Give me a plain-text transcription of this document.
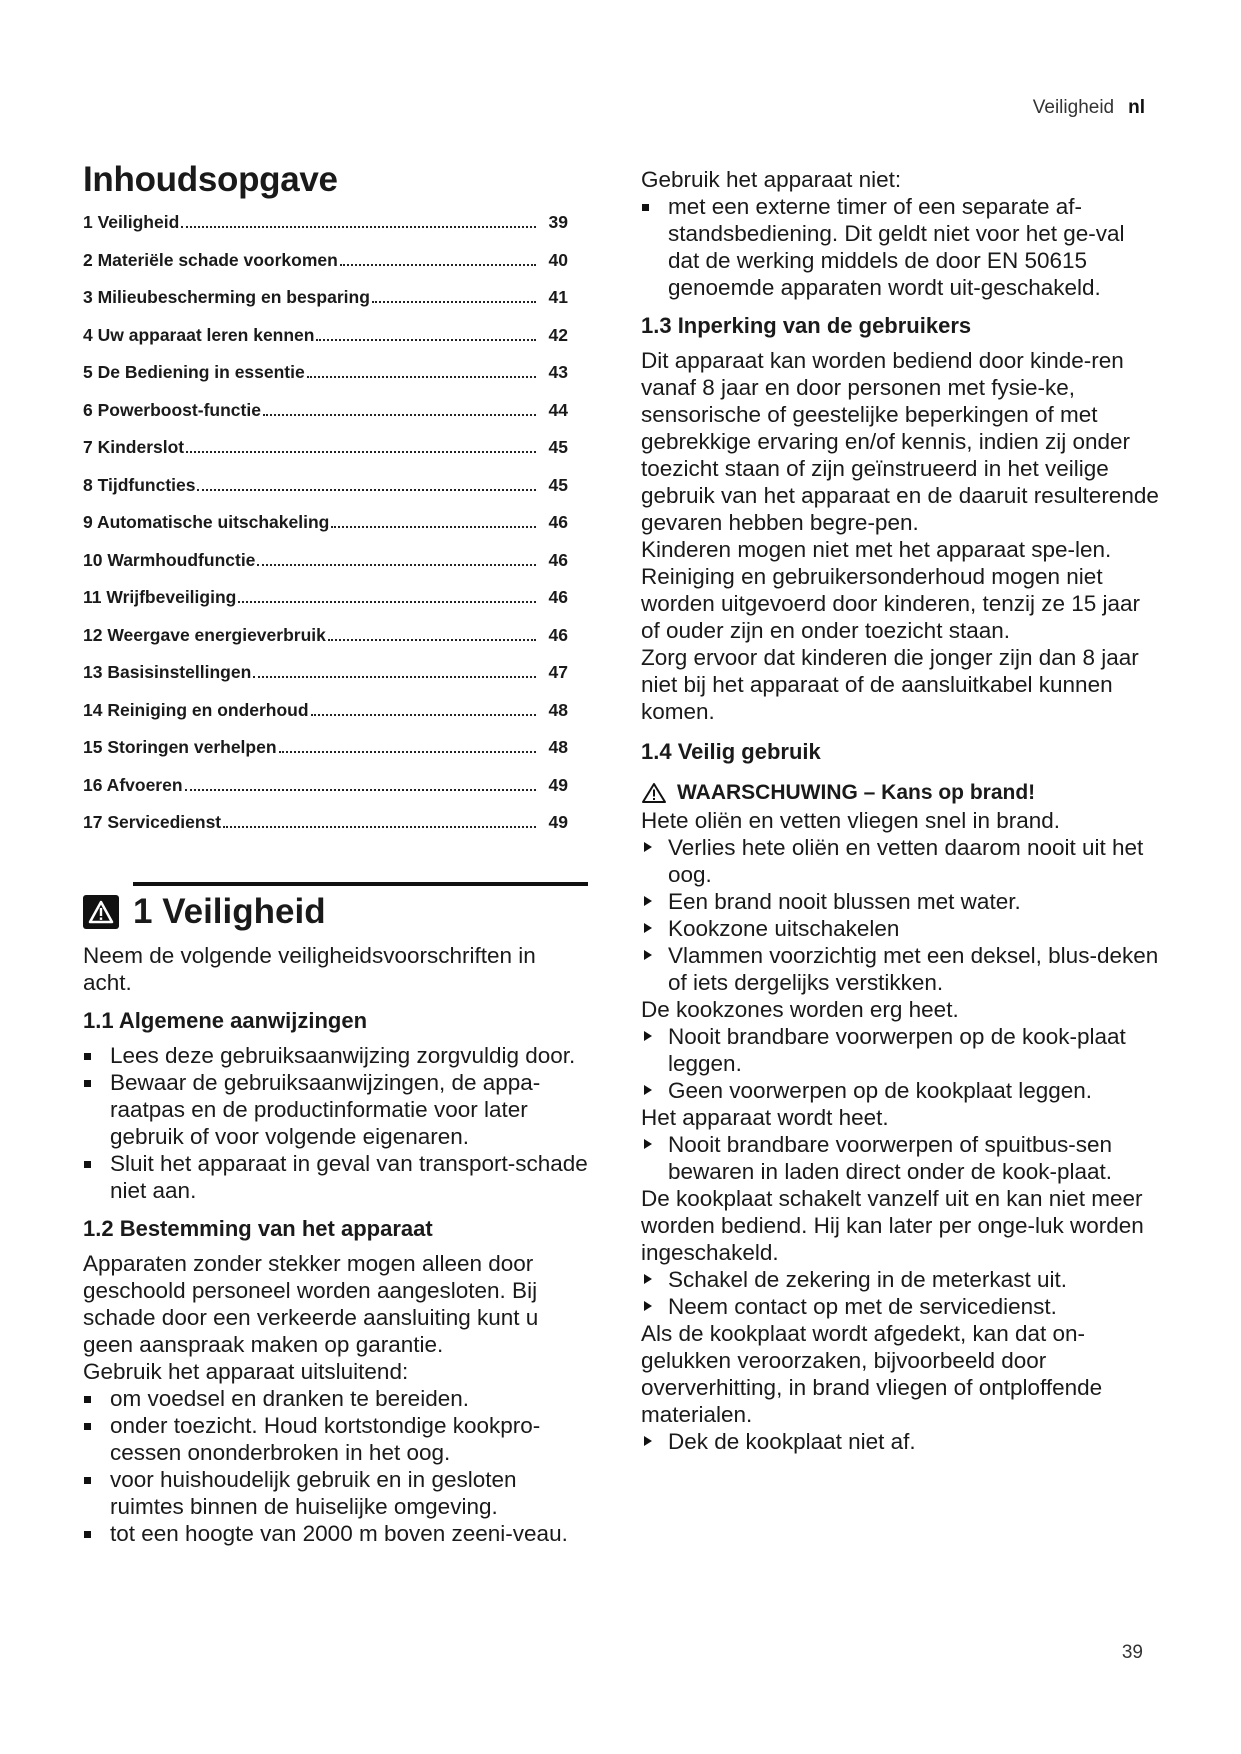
Veiligheid nl
Inhoudsopgave
1 Veiligheid	39
2 Materiële schade voorkomen	40
3 Milieubescherming en besparing	41
4 Uw apparaat leren kennen	42
5 De Bediening in essentie	43
6 Powerboost-functie	44
7 Kinderslot	45
8 Tijdfuncties	45
9 Automatische uitschakeling	46
10 Warmhoudfunctie	46
11 Wrijfbeveiliging	46
12 Weergave energieverbruik	46
13 Basisinstellingen	47
14 Reiniging en onderhoud	48
15 Storingen verhelpen	48
16 Afvoeren	49
17 Servicedienst	49
1 Veiligheid

Neem de volgende veiligheidsvoorschriften in acht.

1.1 Algemene aanwijzingen
Lees deze gebruiksaanwijzing zorgvuldig door.
Bewaar de gebruiksaanwijzingen, de appa-raatpas en de productinformatie voor later gebruik of voor volgende eigenaren.
Sluit het apparaat in geval van transport-schade niet aan.
1.2 Bestemming van het apparaat

Apparaten zonder stekker mogen alleen door geschoold personeel worden aangesloten. Bij schade door een verkeerde aansluiting kunt u geen aanspraak maken op garantie.

Gebruik het apparaat uitsluitend:

om voedsel en dranken te bereiden.
onder toezicht. Houd kortstondige kookpro-cessen ononderbroken in het oog.
voor huishoudelijk gebruik en in gesloten ruimtes binnen de huiselijke omgeving.
tot een hoogte van 2000 m boven zeeni-veau.

Gebruik het apparaat niet:

met een externe timer of een separate af-standsbediening. Dit geldt niet voor het ge-val dat de werking middels de door EN 50615 genoemde apparaten wordt uit-geschakeld.
1.3 Inperking van de gebruikers

Dit apparaat kan worden bediend door kinde-ren vanaf 8 jaar en door personen met fysie-ke, sensorische of geestelijke beperkingen of met gebrekkige ervaring en/of kennis, indien zij onder toezicht staan of zijn geïnstrueerd in het veilige gebruik van het apparaat en de daaruit resulterende gevaren hebben begre-pen.

Kinderen mogen niet met het apparaat spe-len.

Reiniging en gebruikersonderhoud mogen niet worden uitgevoerd door kinderen, tenzij ze 15 jaar of ouder zijn en onder toezicht staan.

Zorg ervoor dat kinderen die jonger zijn dan 8 jaar niet bij het apparaat of de aansluitkabel kunnen komen.

1.4 Veilig gebruik
WAARSCHUWING – Kans op brand!

Hete oliën en vetten vliegen snel in brand.

Verlies hete oliën en vetten daarom nooit uit het oog.
Een brand nooit blussen met water.
Kookzone uitschakelen
Vlammen voorzichtig met een deksel, blus-deken of iets dergelijks verstikken.

De kookzones worden erg heet.

Nooit brandbare voorwerpen op de kook-plaat leggen.
Geen voorwerpen op de kookplaat leggen.

Het apparaat wordt heet.

Nooit brandbare voorwerpen of spuitbus-sen bewaren in laden direct onder de kook-plaat.

De kookplaat schakelt vanzelf uit en kan niet meer worden bediend. Hij kan later per onge-luk worden ingeschakeld.

Schakel de zekering in de meterkast uit.
Neem contact op met de servicedienst.

Als de kookplaat wordt afgedekt, kan dat on-gelukken veroorzaken, bijvoorbeeld door oververhitting, in brand vliegen of ontploffende materialen.

Dek de kookplaat niet af.
39
